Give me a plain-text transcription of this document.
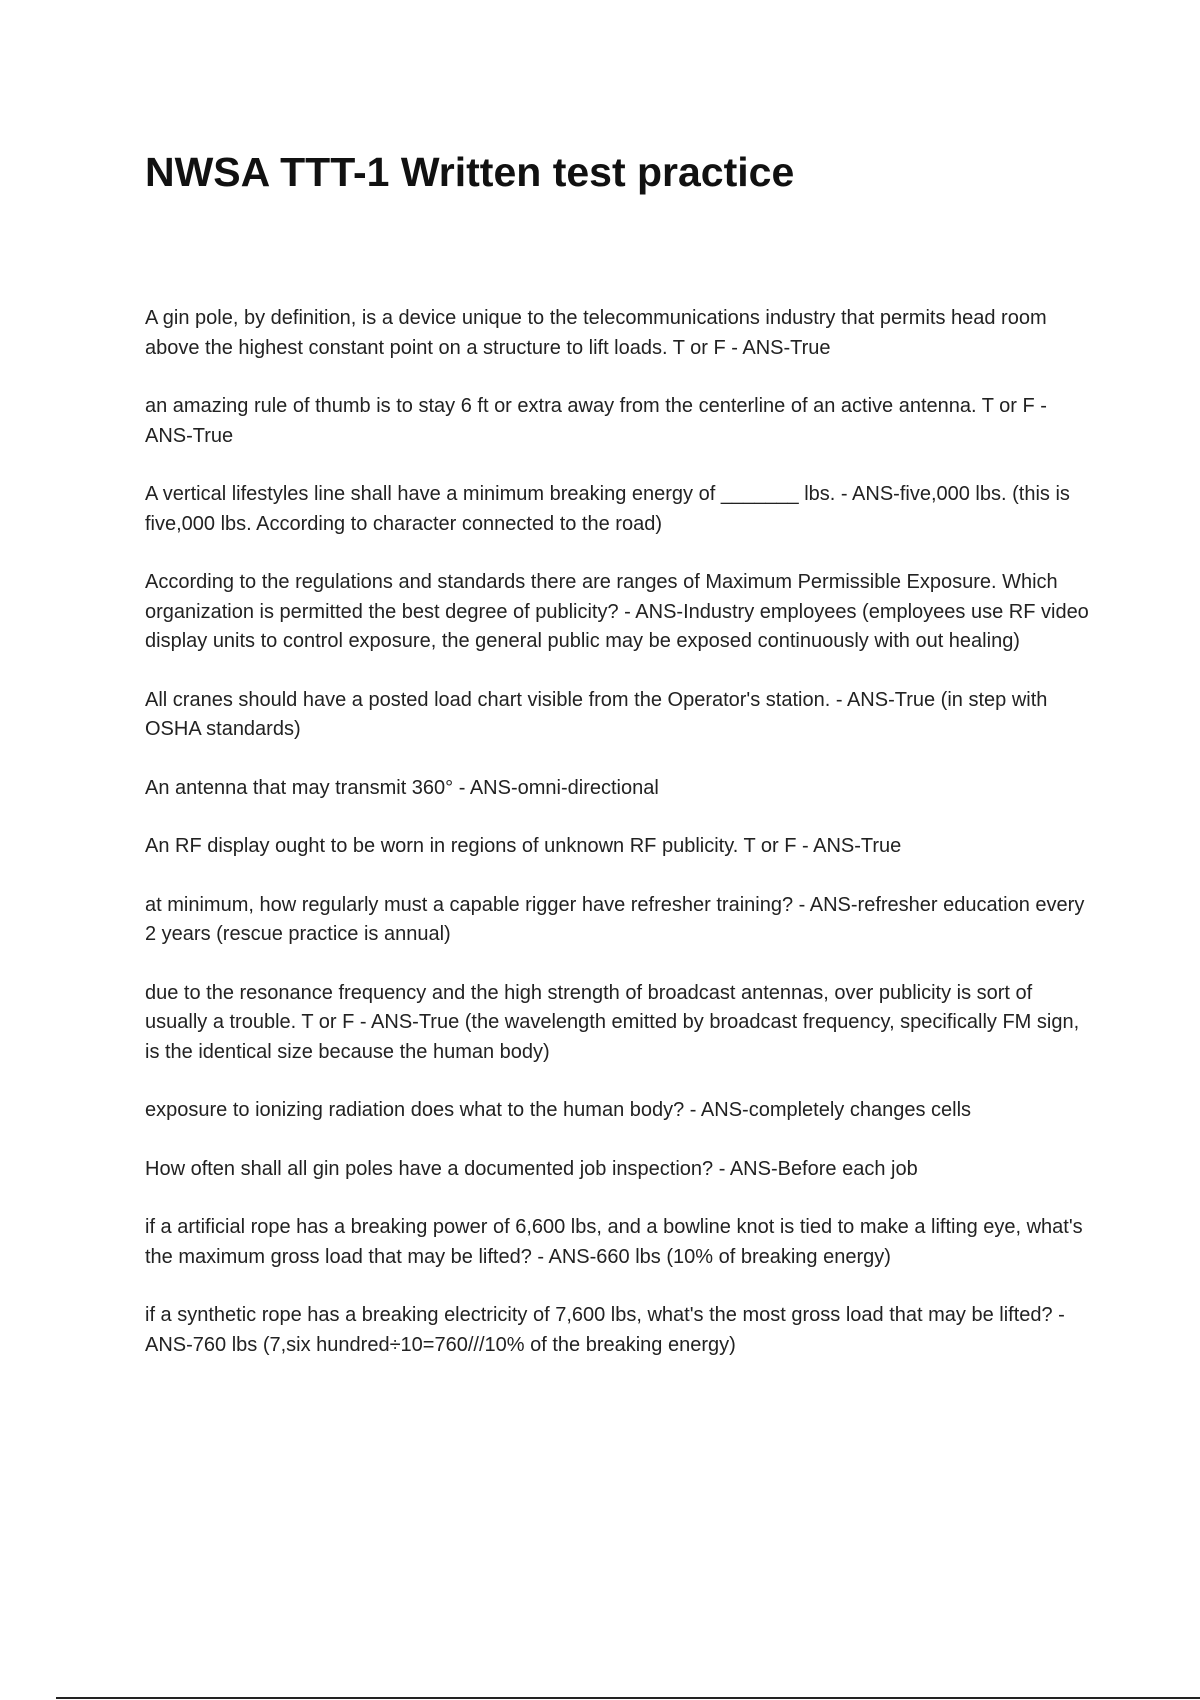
NWSA TTT-1 Written test practice
A gin pole, by definition, is a device unique to the telecommunications industry that permits head room above the highest constant point on a structure to lift loads. T or F - ANS-True
an amazing rule of thumb is to stay 6 ft or extra away from the centerline of an active antenna. T or F - ANS-True
A vertical lifestyles line shall have a minimum breaking energy of _______ lbs. - ANS-five,000 lbs. (this is five,000 lbs. According to character connected to the road)
According to the regulations and standards there are ranges of Maximum Permissible Exposure. Which organization is permitted the best degree of publicity? - ANS-Industry employees (employees use RF video display units to control exposure, the general public may be exposed continuously with out healing)
All cranes should have a posted load chart visible from the Operator's station. - ANS-True (in step with OSHA standards)
An antenna that may transmit 360° - ANS-omni-directional
An RF display ought to be worn in regions of unknown RF publicity. T or F - ANS-True
at minimum, how regularly must a capable rigger have refresher training? - ANS-refresher education every 2 years (rescue practice is annual)
due to the resonance frequency and the high strength of broadcast antennas, over publicity is sort of usually a trouble. T or F - ANS-True (the wavelength emitted by broadcast frequency, specifically FM sign, is the identical size because the human body)
exposure to ionizing radiation does what to the human body? - ANS-completely changes cells
How often shall all gin poles have a documented job inspection? - ANS-Before each job
if a artificial rope has a breaking power of 6,600 lbs, and a bowline knot is tied to make a lifting eye, what's the maximum gross load that may be lifted? - ANS-660 lbs (10% of breaking energy)
if a synthetic rope has a breaking electricity of 7,600 lbs, what's the most gross load that may be lifted? - ANS-760 lbs (7,six hundred÷10=760///10% of the breaking energy)
